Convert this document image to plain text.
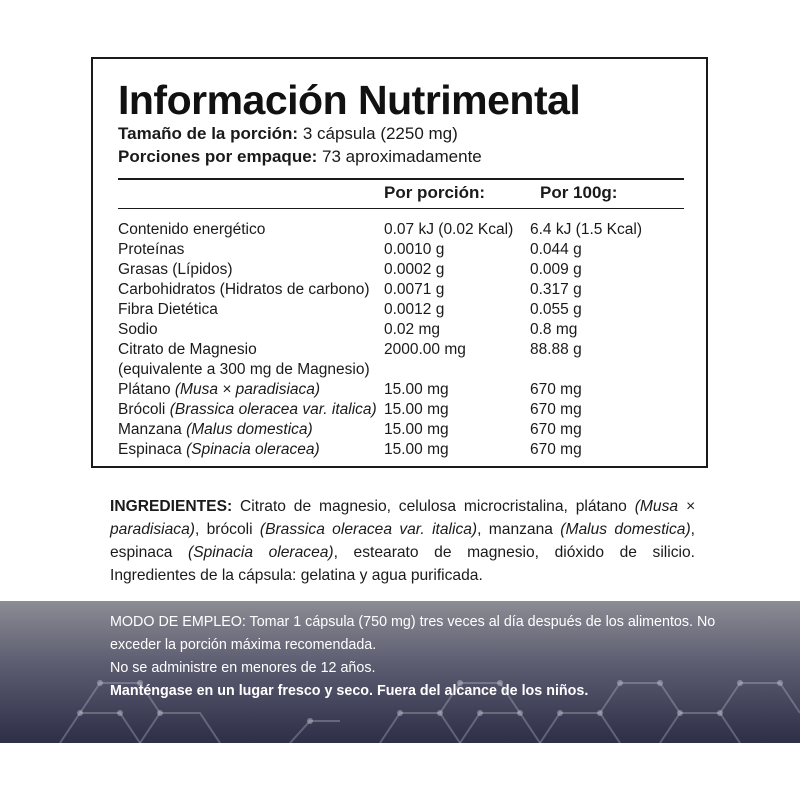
Información Nutrimental
Tamaño de la porción: 3 cápsula (2250 mg)
Porciones por empaque: 73 aproximadamente
Por porción:	Por 100g:
Contenido energético	0.07 kJ (0.02 Kcal) 6.4 kJ (1.5 Kcal)
Proteínas	0.0010 g	0.044 g
Grasas (Lípidos)	0.0002 g	0.009 g
Carbohidratos (Hidratos de carbono) 0.0071 g	0.317 g
Fibra Dietética	0.0012 g	0.055 g
Sodio	0.02 mg	0.8 mg
Citrato de Magnesio	2000.00 mg	88.88 g
(equivalente a 300 mg de Magnesio)
Plátano (Musa × paradisiaca)	15.00 mg	670 mg
Brócoli (Brassica oleracea var. italica) 15.00 mg	670 mg
Manzana (Malus domestica)	15.00 mg	670 mg
Espinaca (Spinacia oleracea)	15.00 mg	670 mg
INGREDIENTES: Citrato de magnesio, celulosa microcristalina, plátano (Musa × paradisiaca), brócoli (Brassica oleracea var. italica), manzana (Malus domestica), espinaca (Spinacia oleracea), estearato de magnesio, dióxido de silicio. Ingredientes de la cápsula: gelatina y agua purificada.
MODO DE EMPLEO: Tomar 1 cápsula (750 mg) tres veces al día después de los alimentos. No
exceder la porción máxima recomendada.
No se administre en menores de 12 años.
Manténgase en un lugar fresco y seco. Fuera del alcance de los niños.
